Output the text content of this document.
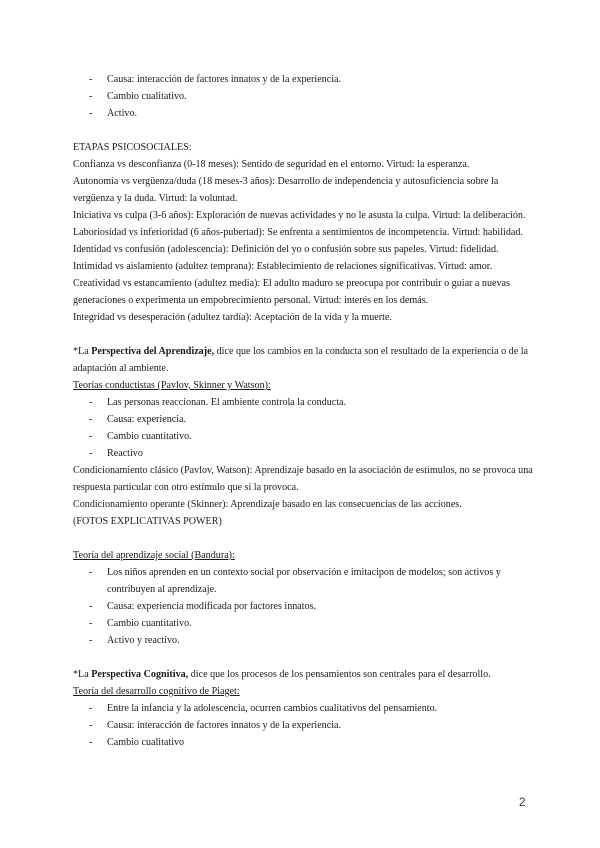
- Causa: interacción de factores innatos y de la experiencia.
- Cambio cualitativo.
- Activo.

ETAPAS PSICOSOCIALES:

Confianza vs desconfianza (0-18 meses): Sentido de seguridad en el entorno. Virtud: la esperanza.

Autonomía vs vergüenza/duda (18 meses-3 años): Desarrollo de independencia y autosuficiencia sobre la vergüenza y la duda. Virtud: la voluntad.

Iniciativa vs culpa (3-6 años): Exploración de nuevas actividades y no le asusta la culpa. Virtud: la deliberación.

Laboriosidad vs inferioridad (6 años-pubertad): Se enfrenta a sentimientos de incompetencia. Virtud: habilidad.

Identidad vs confusión (adolescencia): Definición del yo o confusión sobre sus papeles. Virtud: fidelidad.

Intimidad vs aislamiento (adultez temprana): Establecimiento de relaciones significativas. Virtud: amor.

Creatividad vs estancamiento (adultez media): El adulto maduro se preocupa por contribuir o guiar a nuevas generaciones o experimenta un empobrecimiento personal. Virtud: interés en los demás.

Integridad vs desesperación (adultez tardía): Aceptación de la vida y la muerte.

*La Perspectiva del Aprendizaje, dice que los cambios en la conducta son el resultado de la experiencia o de la adaptación al ambiente.

Teorías conductistas (Pavlov, Skinner y Watson):

- Las personas reaccionan. El ambiente controla la conducta.
- Causa: experiencia.
- Cambio cuantitativo.
- Reactivo

Condicionamiento clásico (Pavlov, Watson): Aprendizaje basado en la asociación de estímulos, no se provoca una respuesta particular con otro estímulo que sí la provoca.

Condicionamiento operante (Skinner): Aprendizaje basado en las consecuencias de las acciones.

(FOTOS EXPLICATIVAS POWER)

Teoría del aprendizaje social (Bandura):

- Los niños aprenden en un contexto social por observación e imitacipon de modelos; son activos y contribuyen al aprendizaje.
- Causa: experiencia modificada por factores innatos.
- Cambio cuantitativo.
- Activo y reactivo.

*La Perspectiva Cognitiva, dice que los procesos de los pensamientos son centrales para el desarrollo.

Teoría del desarrollo cognitivo de Piaget:

- Entre la infancia y la adolescencia, ocurren cambios cualitativos del pensamiento.
- Causa: interacción de factores innatos y de la experiencia.
- Cambio cualitativo
2
